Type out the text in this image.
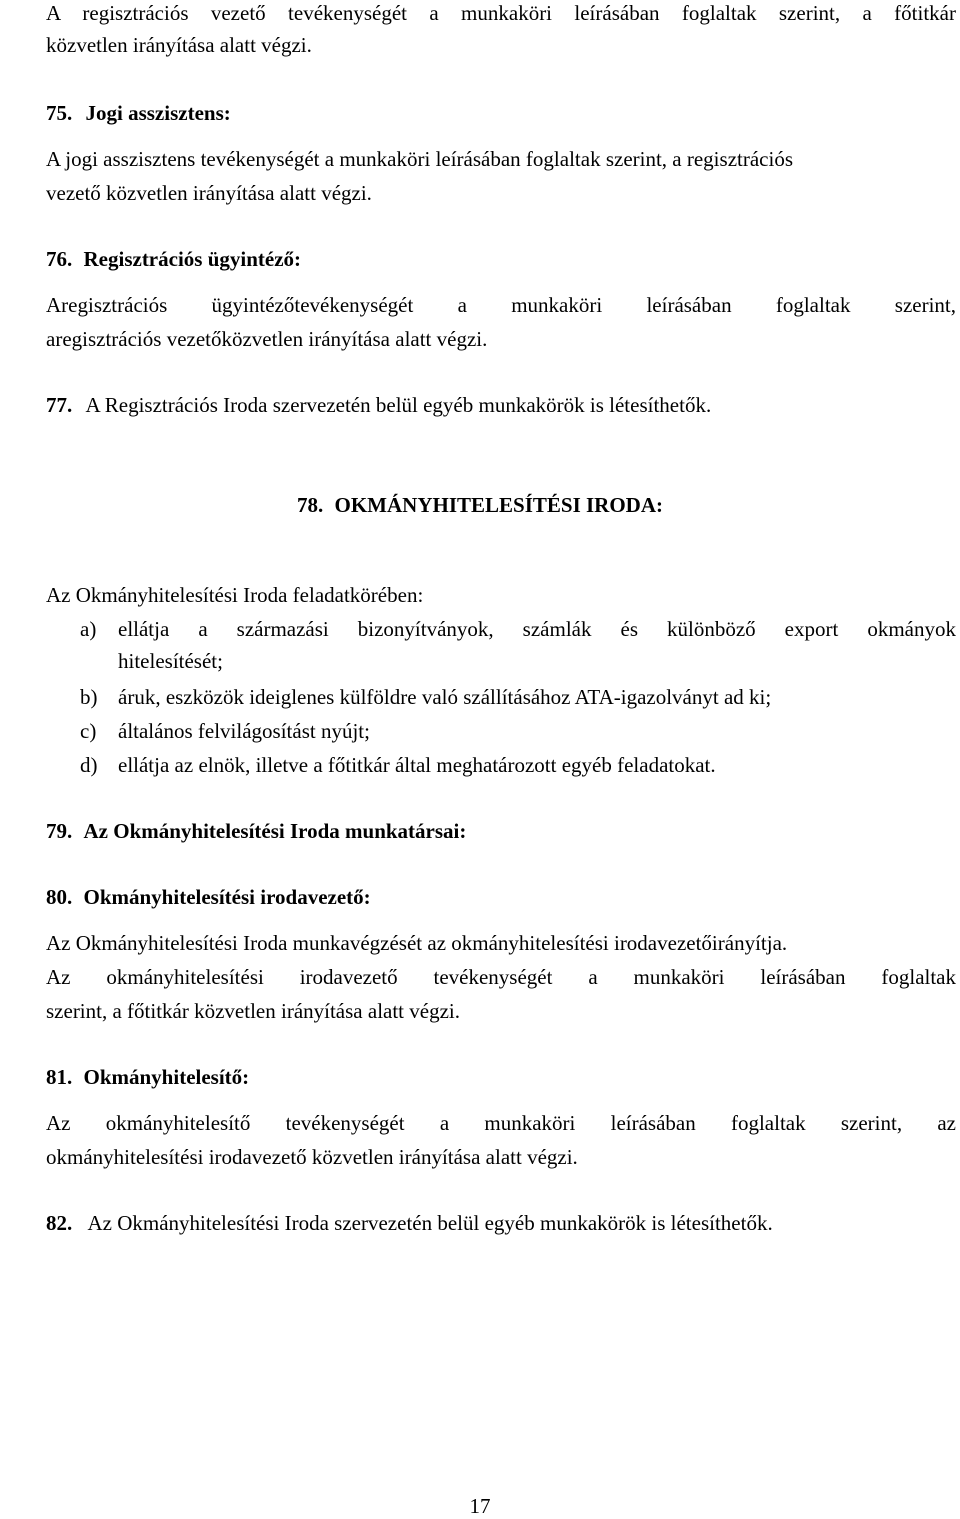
A regisztrációs vezető tevékenységét a munkaköri leírásában foglaltak szerint, a főtitkár
közvetlen irányítása alatt végzi.
75. Jogi asszisztens:
A jogi asszisztens tevékenységét a munkaköri leírásában foglaltak szerint, a regisztrációs
vezető közvetlen irányítása alatt végzi.
76. Regisztrációs ügyintéző:
Aregisztrációs ügyintézőtevékenységét a munkaköri leírásában foglaltak szerint,
aregisztrációs vezetőközvetlen irányítása alatt végzi.
77. A Regisztrációs Iroda szervezetén belül egyéb munkakörök is létesíthetők.
78. OKMÁNYHITELESÍTÉSI IRODA:
Az Okmányhitelesítési Iroda feladatkörében:
a) ellátja a származási bizonyítványok, számlák és különböző export okmányok
hitelesítését;
b) áruk, eszközök ideiglenes külföldre való szállításához ATA-igazolványt ad ki;
c) általános felvilágosítást nyújt;
d) ellátja az elnök, illetve a főtitkár által meghatározott egyéb feladatokat.
79. Az Okmányhitelesítési Iroda munkatársai:
80. Okmányhitelesítési irodavezető:
Az Okmányhitelesítési Iroda munkavégzését az okmányhitelesítési irodavezetőirányítja.
Az okmányhitelesítési irodavezető tevékenységét a munkaköri leírásában foglaltak
szerint, a főtitkár közvetlen irányítása alatt végzi.
81. Okmányhitelesítő:
Az okmányhitelesítő tevékenységét a munkaköri leírásában foglaltak szerint, az
okmányhitelesítési irodavezető közvetlen irányítása alatt végzi.
82. Az Okmányhitelesítési Iroda szervezetén belül egyéb munkakörök is létesíthetők.
17
